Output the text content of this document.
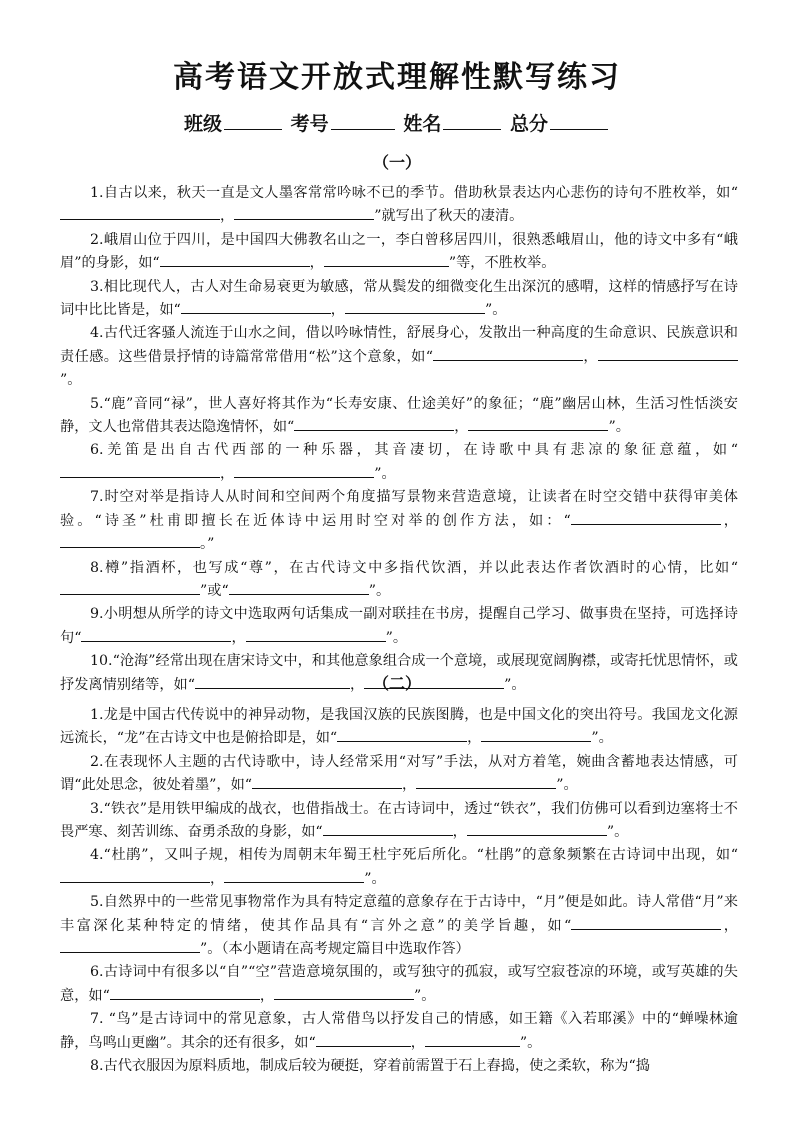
高考语文开放式理解性默写练习
班级	考号	姓名	总分
（一）

1.自古以来，秋天一直是文人墨客常常吟咏不已的季节。借助秋景表达内心悲伤的诗句不胜枚举，如“，	”就写出了秋天的凄清。

2.峨眉山位于四川，是中国四大佛教名山之一，李白曾移居四川，很熟悉峨眉山，他的诗文中多有“峨眉”的身影，如“	，	”等，不胜枚举。

3.相比现代人，古人对生命易衰更为敏感，常从鬓发的细微变化生出深沉的感喟，这样的情感抒写在诗词中比比皆是，如“	，	”。

4.古代迁客骚人流连于山水之间，借以吟咏情性，舒展身心，发散出一种高度的生命意识、民族意识和责任感。这些借景抒情的诗篇常常借用“松”这个意象，如“	，”。

5.“鹿”音同“禄”，世人喜好将其作为“长寿安康、仕途美好”的象征；“鹿”幽居山林，生活习性恬淡安静，文人也常借其表达隐逸情怀，如“	，	”。

6.羌笛是出自古代西部的一种乐器，其音凄切，在诗歌中具有悲凉的象征意蕴，如“，	”。

7.时空对举是指诗人从时间和空间两个角度描写景物来营造意境，让读者在时空交错中获得审美体验。“诗圣”杜甫即擅长在近体诗中运用时空对举的创作方法，如：“	，。”

8.樽”指酒杯，也写成“尊”，在古代诗文中多指代饮酒，并以此表达作者饮酒时的心情，比如“”或“	”。

9.小明想从所学的诗文中选取两句话集成一副对联挂在书房，提醒自己学习、做事贵在坚持，可选择诗句“	，	”。

10.“沧海”经常出现在唐宋诗文中，和其他意象组合成一个意境，或展现宽阔胸襟，或寄托忧思情怀，或抒发离情别绪等，如“	，	”。

（二）

1.龙是中国古代传说中的神异动物，是我国汉族的民族图腾，也是中国文化的突出符号。我国龙文化源远流长，“龙”在古诗文中也是俯拾即是，如“	，	”。

2.在表现怀人主题的古代诗歌中，诗人经常采用“对写”手法，从对方着笔，婉曲含蓄地表达情感，可谓“此处思念，彼处着墨”，如“	，	”。

3.“铁衣”是用铁甲编成的战衣，也借指战士。在古诗词中，透过“铁衣”，我们仿佛可以看到边塞将士不畏严寒、刻苦训练、奋勇杀敌的身影，如“	，	”。

4.“杜鹃”，又叫子规，相传为周朝末年蜀王杜宇死后所化。“杜鹃”的意象频繁在古诗词中出现，如“，	”。

5.自然界中的一些常见事物常作为具有特定意蕴的意象存在于古诗中，“月”便是如此。诗人常借“月”来丰富深化某种特定的情绪，使其作品具有“言外之意”的美学旨趣，如“	，”。（本小题请在高考规定篇目中选取作答）

6.古诗词中有很多以“自”“空”营造意境氛围的，或写独守的孤寂，或写空寂苍凉的环境，或写英雄的失意，如“	，	”。

7. “鸟”是古诗词中的常见意象，古人常借鸟以抒发自己的情感，如王籍《入若耶溪》中的“蝉噪林逾静，鸟鸣山更幽”。其余的还有很多，如“	，	”。

8.古代衣服因为原料质地，制成后较为硬挺，穿着前需置于石上舂捣，使之柔软，称为“捣
